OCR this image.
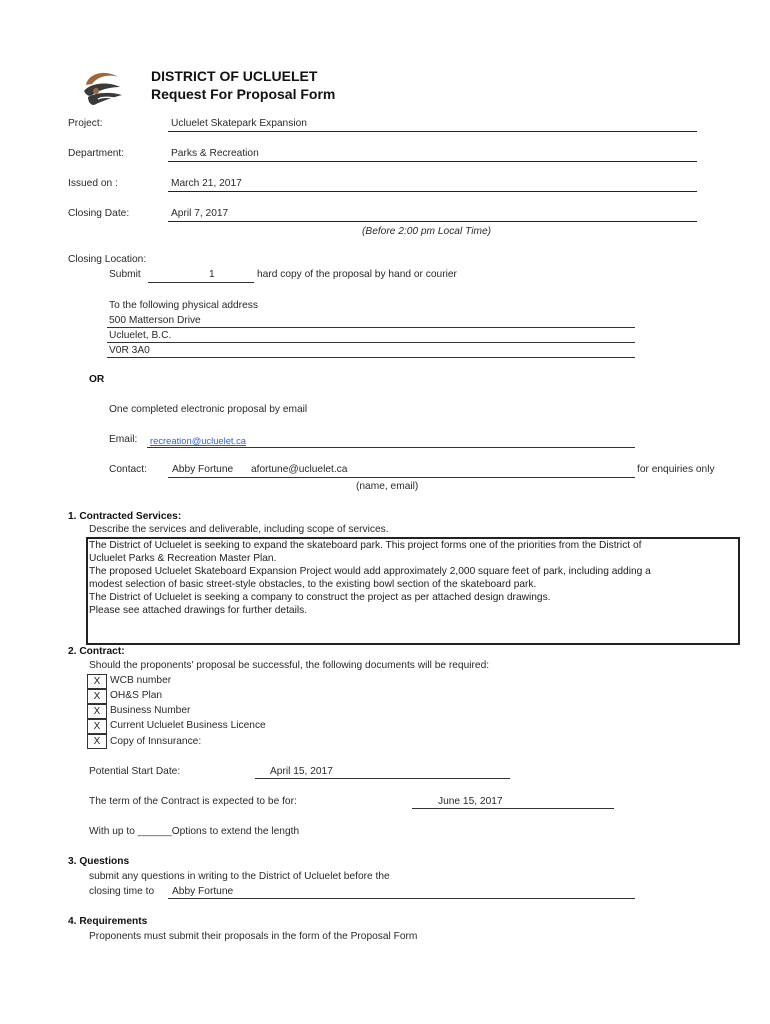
DISTRICT OF UCLUELET
Request For Proposal Form
Project:	Ucluelet Skatepark Expansion
Department:	Parks & Recreation
Issued on :	March 21, 2017
Closing Date:	April 7, 2017
(Before 2:00 pm Local Time)
Closing Location:
Submit	1	hard copy of the proposal by hand or courier
To the following physical address
500 Matterson Drive
Ucluelet, B.C.
V0R 3A0
OR
One completed electronic proposal by email
Email: recreation@ucluelet.ca
Contact: Abby Fortune afortune@ucluelet.ca	for enquiries only
(name, email)
1. Contracted Services:
Describe the services and deliverable, including scope of services.
The District of Ucluelet is seeking to expand the skateboard park. This project forms one of the priorities from the District of
Ucluelet Parks & Recreation Master Plan.
The proposed Ucluelet Skateboard Expansion Project would add approximately 2,000 square feet of park, including adding a
modest selection of basic street-style obstacles, to the existing bowl section of the skateboard park.
The District of Ucluelet is seeking a company to construct the project as per attached design drawings.
Please see attached drawings for further details.
2. Contract:
Should the proponents' proposal be successful, the following documents will be required:
X WCB number
X OH&S Plan
X Business Number
X Current Ucluelet Business Licence
X Copy of Innsurance:
Potential Start Date:	April 15, 2017
The term of the Contract is expected to be for:	June 15, 2017
With up to ______Options to extend the length
3. Questions
submit any questions in writing to the District of Ucluelet before the
closing time to Abby Fortune
4. Requirements
Proponents must submit their proposals in the form of the Proposal Form
